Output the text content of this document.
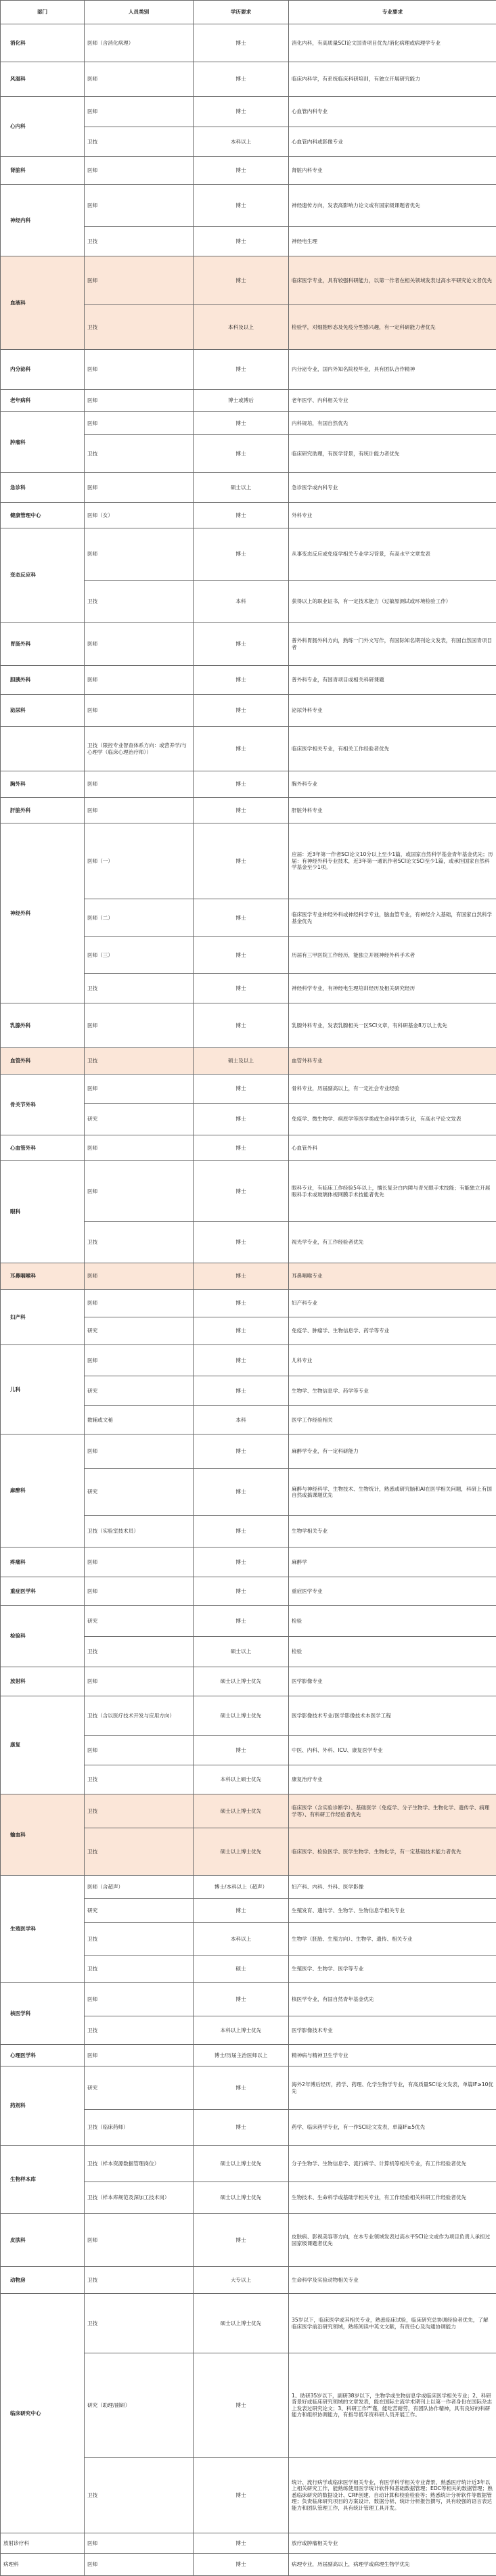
部门	人员类别	学历要求	专业要求
消化科	医师（含消化病理）	博士	消化内科，有高质量SCI论文国青项目优先/消化病理或病理学专业
风湿科	医师	博士	临床内科学，有系统临床科研培训，有独立开展研究能力
心内科	医师	博士	心血管内科专业
	卫技	本科以上	心血管内科或影像专业
肾脏科	医师	博士	肾脏内科专业
神经内科	医师	博士	神经遗传方向，发表高影响力论文或有国家级课题者优先
	卫技	博士	神经电生理
血液科	医师	博士	临床医学专业，具有较强科研能力，以第一作者在相关领域发表过高水平研究论文者优先
	卫技	本科及以上	检验学，对细胞形态及免疫分型感兴趣，有一定科研能力者优先
内分泌科	医师	博士	内分泌专业，国内外知名院校毕业，具有团队合作精神
老年病科	医师	博士或博后	老年医学、内科相关专业
肿瘤科	医师	博士	内科规培，有国自然优先
	卫技	博士	临床研究助理，有医学背景，有统计能力者优先
急诊科	医师	硕士以上	急诊医学或内科专业
健康管理中心	医师（女）	博士	外科专业
变态反应科	医师	博士	从事变态反应或免疫学相关专业学习背景，有高水平文章发表
	卫技	本科	获得以上的职业证书，有一定技术能力（过敏原测试或环境检验工作）
胃肠外科	医师	博士	普外科胃肠外科方向，熟练一门外文写作，有国际知名期刊论文发表，有国自然国青项目者
胆胰外科	医师	博士	普外科专业，有国青项目或相关科研课题
泌尿科	医师	博士	泌尿外科专业
	卫技（限控专业智查体系方向：或营养学/与心理学（临床心理治疗师））	博士	临床医学相关专业，有相关工作经验者优先
胸外科	医师	博士	胸外科专业
肝脏外科	医师	博士	肝脏外科专业
神经外科	医师（一）	博士	应届：近3年第一作者SCI论文10分以上至少1篇，或国家自然科学基金青年基金优先；历届：有神经外科专业技术，近3年第一通讯作者SCI论文SCI至少1篇，或承担国家自然科学基金至少1项。
	医师（二）	博士	临床医学专业神经外科或神经科学专业，脑血管专业，有神经介入基础，有国家自然科学基金优先
	医师（三）	博士	历届有三甲医院工作经历，能独立开展神经外科手术者
	卫技	博士	神经科学专业，有神经电生理培训经历及相关研究经历
乳腺外科	医师	博士	乳腺外科专业，发表乳腺相关一区SCI文章，有科研基金8万以上优先
血管外科	卫技	硕士及以上	血管外科专业
骨关节外科	医师	博士	骨科专业，历届副高以上，有一定社会专业经验
	研究	博士	免疫学、微生物学、病原学等医学类或生命科学类专业，有高水平论文发表
心血管外科	医师	博士	心血管外科
眼科	医师	博士	眼科专业，有临床工作经验5年以上，擅长复杂白内障与青光眼手术技能；有能独立开展眼科手术或玻璃体视网膜手术技能者优先
	卫技	博士	视光学专业，有工作经验者优先
耳鼻咽喉科	医师	博士	耳鼻咽喉专业
妇产科	医师	博士	妇产科专业
	研究	博士	免疫学、肿瘤学、生物信息学、药学等专业
儿科	医师	博士	儿科专业
	研究	博士	生物学、生物信息学、药学等专业
	数辅或文秘	本科	医学工作经验相关
麻醉科	医师	博士	麻醉学专业，有一定科研能力
	研究	博士	麻醉与神经科学、生物技术、生物统计，熟悉或研究脑和AI在医学相关问题，科研上有国自然或搞课题优先
	卫技（实验室技术员）	博士	生物学相关专业
疼痛科	医师	博士	麻醉学
重症医学科	医师	博士	重症医学专业
检验科	研究	博士	检验
	卫技	硕士以上	检验
放射科	医师	硕士以上博士优先	医学影像专业
康复	卫技（含以医疗技术开发与应用方向）	硕士以上博士优先	医学影像技术专业/医学影像技术本医学工程
	医师	博士	中医、内科、外科、ICU、康复医学专业
	卫技	本科以上硕士优先	康复治疗专业
输血科	卫技	硕士以上博士优先	临床医学（含实验诊断学）、基础医学（免疫学、分子生物学、生物化学、遗传学、病理学等）、有科研工作经验者优先
	卫技	硕士以上博士优先	临床医学、检验医学、医学生物学、生物化学，有一定基础技术能力者优先
生殖医学科	医师（含超声）	博士/本科以上（超声）	妇产科、内科、外科、医学影像
	研究	博士	生殖发育、遗传学、生物学、生物信息学相关专业
	卫技	本科以上	生物学（胚胎、生殖方向）、生物学、遗传、相关专业
	卫技	硕士	生殖医学、生物学、医学等专业
核医学科	医师	博士	核医学专业，有国自然青年基金优先
	卫技	本科以上博士优先	医学影像技术专业
心理医学科	医师	博士/历届主治医师以上	精神病与精神卫生学专业
药剂科	研究	博士	海外2年博后经历，药学、药理、化学生物学专业，有高质量SCI论文发表，单篇IF≥10优先
	卫技（临床药师）	博士	药学、临床药学专业，有一作SCI论文发表，单篇IF≥5优先
生物样本库	卫技（样本资源数据管理岗位）	硕士以上博士优先	分子生物学、生物信息学、流行病学、计算机等相关专业，有工作经验者优先
	卫技（样本库规范及深加工技术岗）	硕士以上博士优先	生物技术、生命科学或基础学相关专业，有工作经验相关科研工作经验者优先
皮肤科	医师	博士	皮肤病、影视美容等方向，在本专业领域发表过高水平SCI论文或作为项目负责人承担过国家级课题者优先
动物房	卫技	大专以上	生命科学及实验动物相关专业
临床研究中心	卫技	硕士以上博士优先	35岁以下，临床医学或其相关专业，熟悉临床试验，临床研究总协调经验者优先，了解临床医学前沿研究领域，熟练阅读中英文文献，有责任心及沟通协调能力
	研究（助理/副研）	博士	1、助研35岁以下，副研38岁以下，生物学或生物信息学或临床医学相关专业；2、科研背景好或临床研究领域的文章发表，能在国际主流学术期刊上以第一作者身份在国际杂志上发表过研究论文；3、科研工作严谨，能吃苦耐劳，有团队协作精神，具有良好的科研能力和组织协调能力，有指导低年资科研人员开展工作。
	卫技	博士	统计、流行病学或临床医学相关专业，有医学科学相关专业背景，熟悉医疗统计近3年以上相关研究工作，能熟练使用医学统计软件和基础数据管理；EDC等相关的数据管理；熟悉临床研究的数据设计、CRF创建、自动计算和校验检验等；熟悉统计分析软件等数据管理；负责临床研究项目的方案设计、数据分析、统计分析报告撰写，具有较强的语言表达能力和团队管理工作，具有统计管理工具开发。
放射诊疗科	医师	博士	放疗或肿瘤相关专业
病理科	医师	博士	病理专业，历届副高以上，病理学或病理生物学优先
